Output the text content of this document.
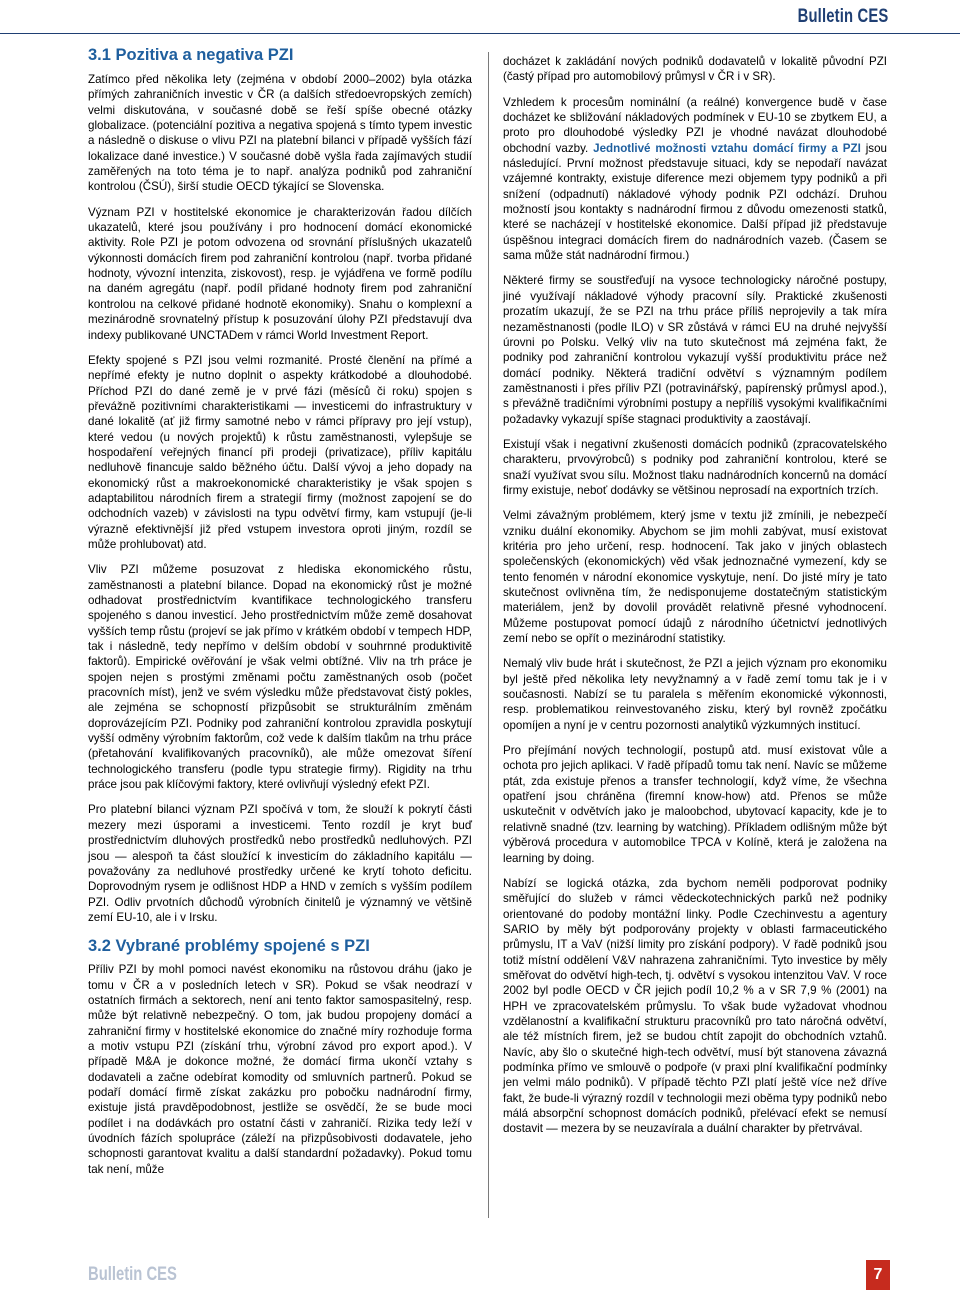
Bulletin CES
3.1 Pozitiva a negativa PZI

Zatímco před několika lety (zejména v období 2000–2002) byla otázka přímých zahraničních investic v ČR (a dalších středoevropských zemích) velmi diskutována, v současné době se řeší spíše obecné otázky globalizace. (potenciální pozitiva a negativa spojená s tímto typem investic a následně o diskuse o vlivu PZI na platební bilanci v případě vyšších fází lokalizace dané investice.) V současné době vyšla řada zajímavých studií zaměřených na toto téma je to např. analýza podniků pod zahraniční kontrolou (ČSÚ), širší studie OECD týkající se Slovenska.

Význam PZI v hostitelské ekonomice je charakterizován řadou dílčích ukazatelů, které jsou používány i pro hodnocení domácí ekonomické aktivity. Role PZI je potom odvozena od srovnání příslušných ukazatelů výkonnosti domácích firem pod zahraniční kontrolou (např. tvorba přidané hodnoty, vývozní intenzita, ziskovost), resp. je vyjádřena ve formě podílu na daném agregátu (např. podíl přidané hodnoty firem pod zahraniční kontrolou na celkové přidané hodnotě ekonomiky). Snahu o komplexní a mezinárodně srovnatelný přístup k posuzování úlohy PZI představují dva indexy publikované UNCTADem v rámci World Investment Report.

Efekty spojené s PZI jsou velmi rozmanité. Prosté členění na přímé a nepřímé efekty je nutno doplnit o aspekty krátkodobé a dlouhodobé. Příchod PZI do dané země je v prvé fázi (měsíců či roku) spojen s převážně pozitivními charakteristikami — investicemi do infrastruktury v dané lokalitě (ať již firmy samotné nebo v rámci přípravy pro její vstup), které vedou (u nových projektů) k růstu zaměstnanosti, vylepšuje se hospodaření veřejných financí při prodeji (privatizace), příliv kapitálu nedluhově financuje saldo běžného účtu. Další vývoj a jeho dopady na ekonomický růst a makroekonomické charakteristiky je však spojen s adaptabilitou národních firem a strategií firmy (možnost zapojení se do odchodních vazeb) v závislosti na typu odvětví firmy, kam vstupují (je-li výrazně efektivnější již před vstupem investora oproti jiným, rozdíl se může prohlubovat) atd.

Vliv PZI můžeme posuzovat z hlediska ekonomického růstu, zaměstnanosti a platební bilance. Dopad na ekonomický růst je možné odhadovat prostřednictvím kvantifikace technologického transferu spojeného s danou investicí. Jeho prostřednictvím může země dosahovat vyšších temp růstu (projeví se jak přímo v krátkém období v tempech HDP, tak i následně, tedy nepřímo v delším období v souhrnné produktivitě faktorů). Empirické ověřování je však velmi obtížné. Vliv na trh práce je spojen nejen s prostými změnami počtu zaměstnaných osob (počet pracovních míst), jenž ve svém výsledku může představovat čistý pokles, ale zejména se schopností přizpůsobit se strukturálním změnám doprovázejícím PZI. Podniky pod zahraniční kontrolou zpravidla poskytují vyšší odměny výrobním faktorům, což vede k dalším tlakům na trhu práce (přetahování kvalifikovaných pracovníků), ale může omezovat šíření technologického transferu (podle typu strategie firmy). Rigidity na trhu práce jsou pak klíčovými faktory, které ovlivňují výsledný efekt PZI.

Pro platební bilanci význam PZI spočívá v tom, že slouží k pokrytí části mezery mezi úsporami a investicemi. Tento rozdíl je kryt buď prostřednictvím dluhových prostředků nebo prostředků nedluhových. PZI jsou — alespoň ta část sloužící k investicím do základního kapitálu — považovány za nedluhové prostředky určené ke krytí tohoto deficitu. Doprovodným rysem je odlišnost HDP a HND v zemích s vyšším podílem PZI. Odliv prvotních důchodů výrobních činitelů je významný ve většině zemí EU-10, ale i v Irsku.

3.2 Vybrané problémy spojené s PZI

Příliv PZI by mohl pomoci navést ekonomiku na růstovou dráhu (jako je tomu v ČR a v posledních letech v SR). Pokud se však neodrazí v ostatních firmách a sektorech, není ani tento faktor samospasitelný, resp. může být relativně nebezpečný. O tom, jak budou propojeny domácí a zahraniční firmy v hostitelské ekonomice do značné míry rozhoduje forma a motiv vstupu PZI (získání trhu, výrobní závod pro export apod.). V případě M&A je dokonce možné, že domácí firma ukončí vztahy s dodavateli a začne odebírat komodity od smluvních partnerů. Pokud se podaří domácí firmě získat zakázku pro pobočku nadnárodní firmy, existuje jistá pravděpodobnost, jestliže se osvědčí, že se bude moci podílet i na dodávkách pro ostatní části v zahraničí. Rizika tedy leží v úvodních fázích spolupráce (záleží na přizpůsobivosti dodavatele, jeho schopnosti garantovat kvalitu a další standardní požadavky). Pokud tomu tak není, může

docházet k zakládání nových podniků dodavatelů v lokalitě původní PZI (častý případ pro automobilový průmysl v ČR i v SR).

Vzhledem k procesům nominální (a reálné) konvergence budě v čase docházet ke sbližování nákladových podmínek v EU-10 se zbytkem EU, a proto pro dlouhodobé výsledky PZI je vhodné navázat dlouhodobé obchodní vazby. Jednotlivé možnosti vztahu domácí firmy a PZI jsou následující. První možnost představuje situaci, kdy se nepodaří navázat vzájemné kontrakty, existuje diference mezi objemem typy podniků a při snížení (odpadnutí) nákladové výhody podnik PZI odchází. Druhou možností jsou kontakty s nadnárodní firmou z důvodu omezenosti statků, které se nacházejí v hostitelské ekonomice. Další případ již představuje úspěšnou integraci domácích firem do nadnárodních vazeb. (Časem se sama může stát nadnárodní firmou.)

Některé firmy se soustřeďují na vysoce technologicky náročné postupy, jiné využívají nákladové výhody pracovní síly. Praktické zkušenosti prozatím ukazují, že se PZI na trhu práce příliš neprojevily a tak míra nezaměstnanosti (podle ILO) v SR zůstává v rámci EU na druhé nejvyšší úrovni po Polsku. Velký vliv na tuto skutečnost má zejména fakt, že podniky pod zahraniční kontrolou vykazují vyšší produktivitu práce než domácí podniky. Některá tradiční odvětví s významným podílem zaměstnanosti i přes příliv PZI (potravinářský, papírenský průmysl apod.), s převážně tradičními výrobními postupy a nepříliš vysokými kvalifikačními požadavky vykazují spíše stagnaci produktivity a zaostávají.

Existují však i negativní zkušenosti domácích podniků (zpracovatelského charakteru, prvovýrobců) s podniky pod zahraniční kontrolou, které se snaží využívat svou sílu. Možnost tlaku nadnárodních koncernů na domácí firmy existuje, neboť dodávky se většinou neprosadí na exportních trzích.

Velmi závažným problémem, který jsme v textu již zmínili, je nebezpečí vzniku duální ekonomiky. Abychom se jim mohli zabývat, musí existovat kritéria pro jeho určení, resp. hodnocení. Tak jako v jiných oblastech společenských (ekonomických) věd však jednoznačné vymezení, kdy se tento fenomén v národní ekonomice vyskytuje, není. Do jisté míry je tato skutečnost ovlivněna tím, že nedisponujeme dostatečným statistickým materiálem, jenž by dovolil provádět relativně přesné vyhodnocení. Můžeme postupovat pomocí údajů z národního účetnictví jednotlivých zemí nebo se opřít o mezinárodní statistiky.

Nemalý vliv bude hrát i skutečnost, že PZI a jejich význam pro ekonomiku byl ještě před několika lety nevyžnamný a v řadě zemí tomu tak je i v současnosti. Nabízí se tu paralela s měřením ekonomické výkonnosti, resp. problematikou reinvestovaného zisku, který byl rovněž zpočátku opomíjen a nyní je v centru pozornosti analytiků výzkumných institucí.

Pro přejímání nových technologií, postupů atd. musí existovat vůle a ochota pro jejich aplikaci. V řadě případů tomu tak není. Navíc se můžeme ptát, zda existuje přenos a transfer technologií, když víme, že všechna opatření jsou chráněna (firemní know-how) atd. Přenos se může uskutečnit v odvětvích jako je maloobchod, ubytovací kapacity, kde je to relativně snadné (tzv. learning by watching). Příkladem odlišným může být výběrová procedura v automobilce TPCA v Kolíně, která je založena na learning by doing.

Nabízí se logická otázka, zda bychom neměli podporovat podniky směřující do služeb v rámci vědeckotechnických parků než podniky orientované do podoby montážní linky. Podle Czechinvestu a agentury SARIO by měly být podporovány projekty v oblasti farmaceutického průmyslu, IT a VaV (nižší limity pro získání podpory). V řadě podniků jsou totiž místní oddělení V&V nahrazena zahraničními. Tyto investice by měly směřovat do odvětví high-tech, tj. odvětví s vysokou intenzitou VaV. V roce 2002 byl podle OECD v ČR jejich podíl 10,2 % a v SR 7,9 % (2001) na HPH ve zpracovatelském průmyslu. To však bude vyžadovat vhodnou vzdělanostní a kvalifikační strukturu pracovníků pro tato náročná odvětví, ale též místních firem, jež se budou chtít zapojit do obchodních vztahů. Navíc, aby šlo o skutečné high-tech odvětví, musí být stanovena závazná podmínka přímo ve smlouvě o podpoře (v praxi plní kvalifikační podmínky jen velmi málo podniků). V případě těchto PZI platí ještě více než dříve fakt, že bude-li výrazný rozdíl v technologii mezi oběma typy podniků nebo málá absorpční schopnost domácích podniků, přelévací efekt se nemusí dostavit — mezera by se neuzavírala a duální charakter by přetrvával.

Bulletin CES	7
